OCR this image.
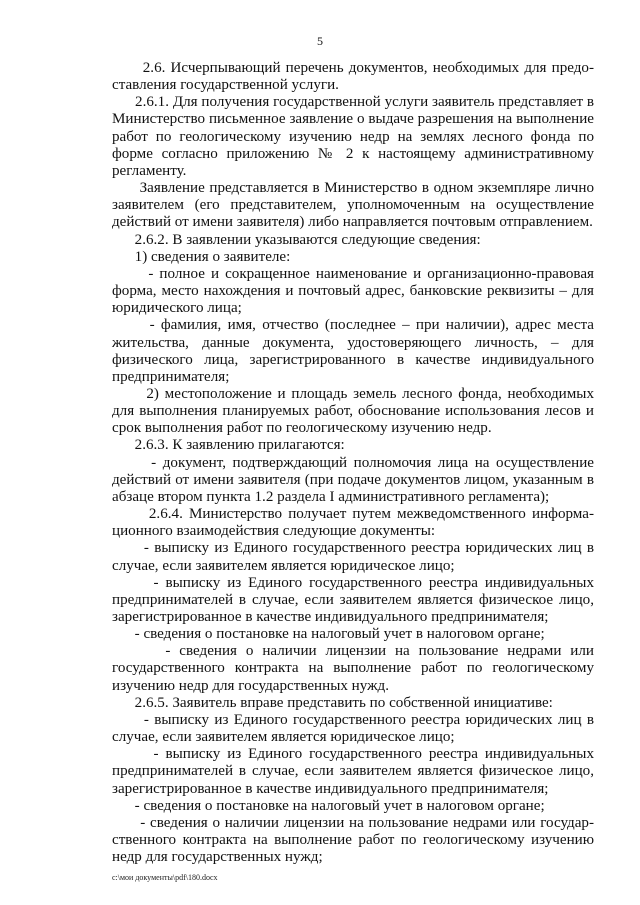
5

2.6. Исчерпывающий перечень документов, необходимых для предоставления государственной услуги.

2.6.1. Для получения государственной услуги заявитель представляет в Министерство письменное заявление о выдаче разрешения на выполнение работ по геологическому изучению недр на землях лесного фонда по форме согласно приложению № 2 к настоящему административному регламенту.

Заявление представляется в Министерство в одном экземпляре лично заявителем (его представителем, уполномоченным на осуществление действий от имени заявителя) либо направляется почтовым отправлением.

2.6.2. В заявлении указываются следующие сведения:

1) сведения о заявителе:

- полное и сокращенное наименование и организационно-правовая форма, место нахождения и почтовый адрес, банковские реквизиты – для юридического лица;

- фамилия, имя, отчество (последнее – при наличии), адрес места жительства, данные документа, удостоверяющего личность, – для физического лица, зарегистрированного в качестве индивидуального предпринимателя;

2) местоположение и площадь земель лесного фонда, необходимых для выполнения планируемых работ, обоснование использования лесов и срок выполнения работ по геологическому изучению недр.

2.6.3. К заявлению прилагаются:

- документ, подтверждающий полномочия лица на осуществление действий от имени заявителя (при подаче документов лицом, указанным в абзаце втором пункта 1.2 раздела I административного регламента);

2.6.4. Министерство получает путем межведомственного информационного взаимодействия следующие документы:

- выписку из Единого государственного реестра юридических лиц в случае, если заявителем является юридическое лицо;

- выписку из Единого государственного реестра индивидуальных предпринимателей в случае, если заявителем является физическое лицо, зарегистрированное в качестве индивидуального предпринимателя;

- сведения о постановке на налоговый учет в налоговом органе;

- сведения о наличии лицензии на пользование недрами или государственного контракта на выполнение работ по геологическому изучению недр для государственных нужд.

2.6.5. Заявитель вправе представить по собственной инициативе:

- выписку из Единого государственного реестра юридических лиц в случае, если заявителем является юридическое лицо;

- выписку из Единого государственного реестра индивидуальных предпринимателей в случае, если заявителем является физическое лицо, зарегистрированное в качестве индивидуального предпринимателя;

- сведения о постановке на налоговый учет в налоговом органе;

- сведения о наличии лицензии на пользование недрами или государственного контракта на выполнение работ по геологическому изучению недр для государственных нужд;

c:\мои документы\pdf\180.docx
